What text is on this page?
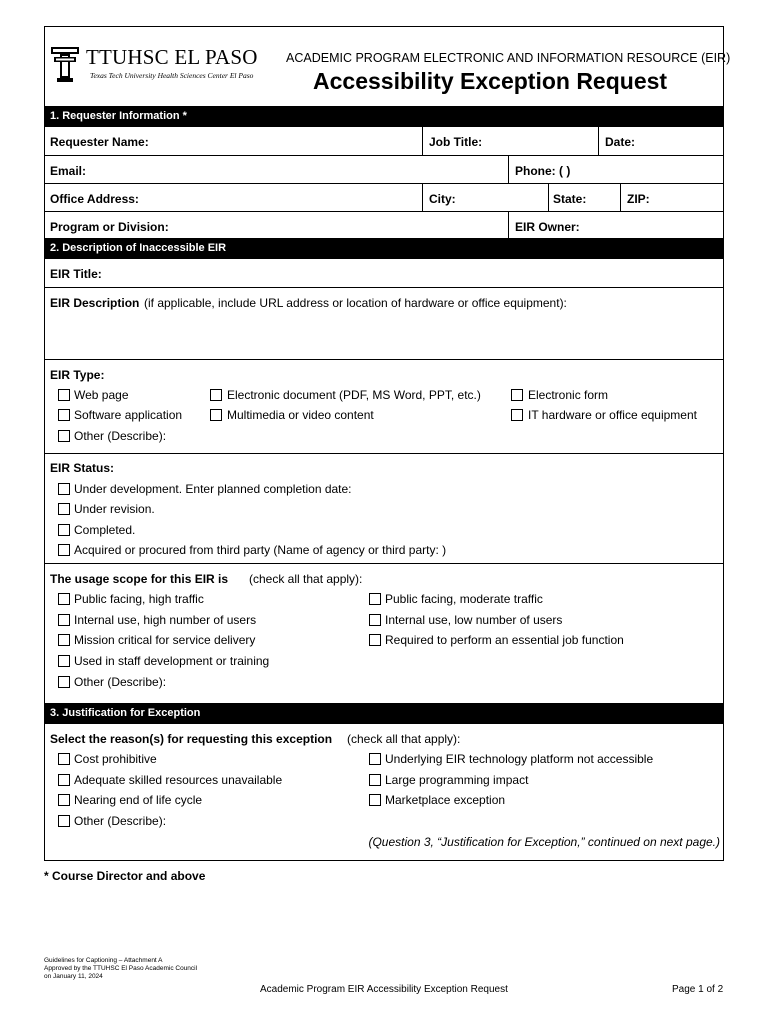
TTUHSC EL PASO
Texas Tech University Health Sciences Center El Paso
ACADEMIC PROGRAM ELECTRONIC AND INFORMATION RESOURCE (EIR)
Accessibility Exception Request
1. Requester Information *
Requester Name:	Job Title:	Date:
Email:	Phone: ( )
Office Address:	City:	State:	ZIP:
Program or Division:	EIR Owner:
2. Description of Inaccessible EIR
EIR Title:
EIR Description (if applicable, include URL address or location of hardware or office equipment):
EIR Type:
Web page	Electronic document (PDF, MS Word, PPT, etc.)	Electronic form
Software application	Multimedia or video content	IT hardware or office equipment
Other (Describe):
EIR Status:
Under development. Enter planned completion date:
Under revision.
Completed.
Acquired or procured from third party (Name of agency or third party: )
The usage scope for this EIR is (check all that apply):
Public facing, high traffic	Public facing, moderate traffic
Internal use, high number of users	Internal use, low number of users
Mission critical for service delivery	Required to perform an essential job function
Used in staff development or training
Other (Describe):
3. Justification for Exception
Select the reason(s) for requesting this exception (check all that apply):
Cost prohibitive	Underlying EIR technology platform not accessible
Adequate skilled resources unavailable	Large programming impact
Nearing end of life cycle	Marketplace exception
Other (Describe):
(Question 3, “Justification for Exception,” continued on next page.)
* Course Director and above
Guidelines for Captioning – Attachment A
Approved by the TTUHSC El Paso Academic Council
on January 11, 2024
Academic Program EIR Accessibility Exception Request	Page 1 of 2
